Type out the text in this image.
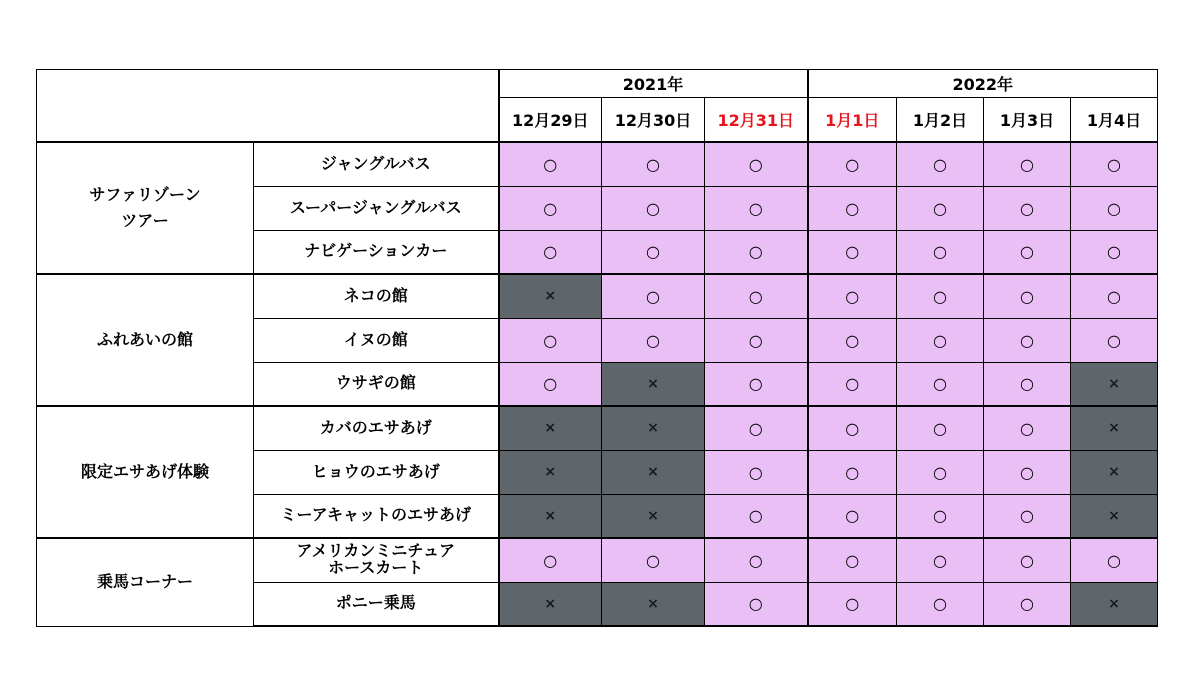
		2021年			2022年			
		12月29日	12月30日	12月31日	1月1日	1月2日	1月3日	1月4日
サファリゾーン
ツアー	ジャングルバス	○	○	○	○	○	○	○
	スーパージャングルバス	○	○	○	○	○	○	○
	ナビゲーションカー	○	○	○	○	○	○	○
ふれあいの館	ネコの館	×	○	○	○	○	○	○
	イヌの館	○	○	○	○	○	○	○
	ウサギの館	○	×	○	○	○	○	×
限定エサあげ体験	カバのエサあげ	×	×	○	○	○	○	×
	ヒョウのエサあげ	×	×	○	○	○	○	×
	ミーアキャットのエサあげ	×	×	○	○	○	○	×
乗馬コーナー	アメリカンミニチュア
ホースカート	○	○	○	○	○	○	○
	ポニー乗馬	×	×	○	○	○	○	×
